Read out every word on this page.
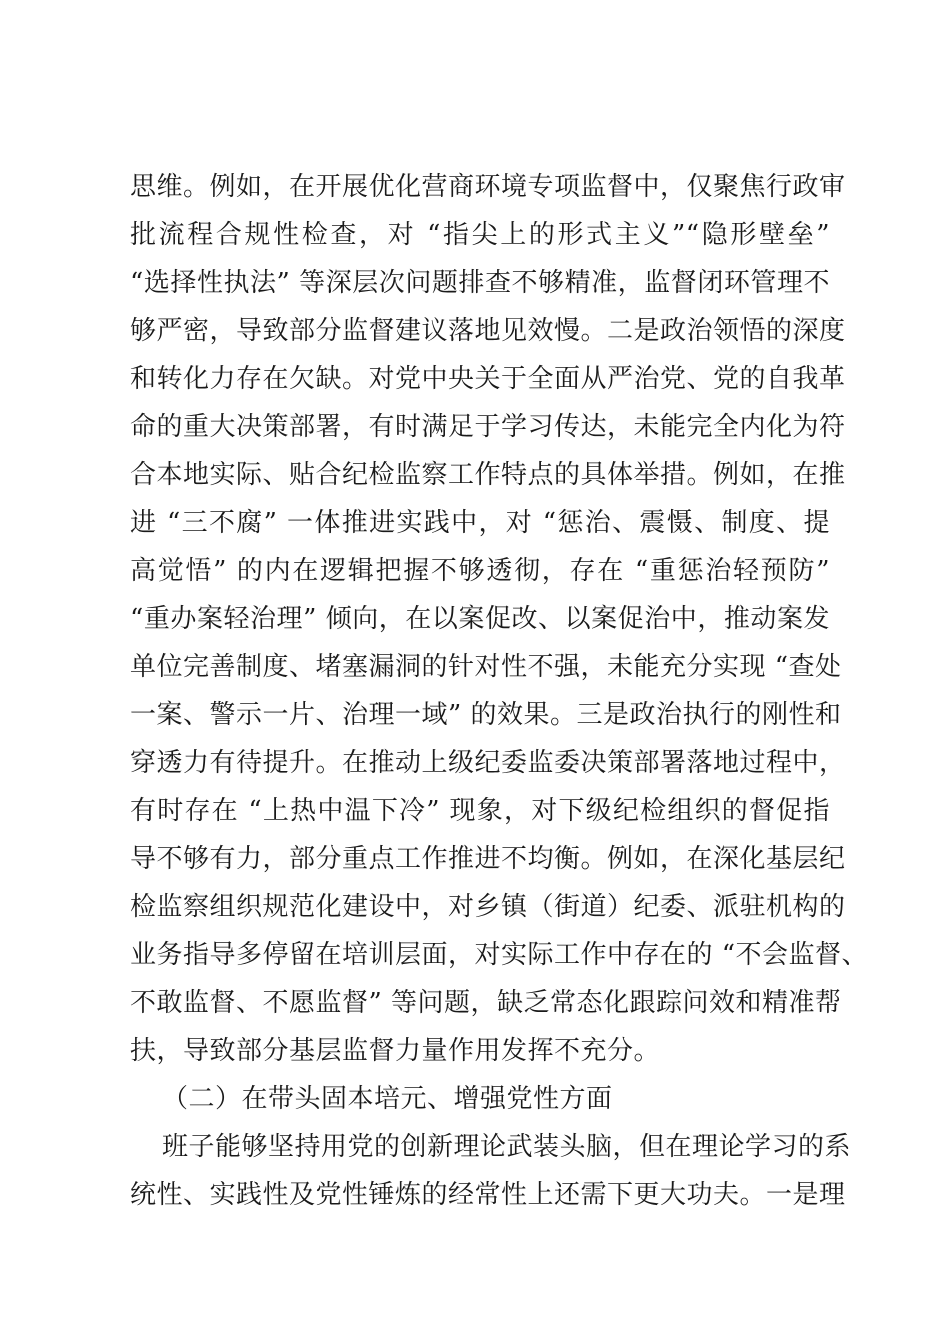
思维。例如，在开展优化营商环境专项监督中，仅聚焦行政审
批流程合规性检查，对 “指尖上的形式主义”“隐形壁垒”
“选择性执法” 等深层次问题排查不够精准，监督闭环管理不
够严密，导致部分监督建议落地见效慢。二是政治领悟的深度
和转化力存在欠缺。对党中央关于全面从严治党、党的自我革
命的重大决策部署，有时满足于学习传达，未能完全内化为符
合本地实际、贴合纪检监察工作特点的具体举措。例如，在推
进 “三不腐” 一体推进实践中，对 “惩治、震慑、制度、提
高觉悟” 的内在逻辑把握不够透彻，存在 “重惩治轻预防”
“重办案轻治理” 倾向，在以案促改、以案促治中，推动案发
单位完善制度、堵塞漏洞的针对性不强，未能充分实现 “查处
一案、警示一片、治理一域” 的效果。三是政治执行的刚性和
穿透力有待提升。在推动上级纪委监委决策部署落地过程中，
有时存在 “上热中温下冷” 现象，对下级纪检组织的督促指
导不够有力，部分重点工作推进不均衡。例如，在深化基层纪
检监察组织规范化建设中，对乡镇（街道）纪委、派驻机构的
业务指导多停留在培训层面，对实际工作中存在的 “不会监督、
不敢监督、不愿监督” 等问题，缺乏常态化跟踪问效和精准帮
扶，导致部分基层监督力量作用发挥不充分。
（二）在带头固本培元、增强党性方面
班子能够坚持用党的创新理论武装头脑，但在理论学习的系
统性、实践性及党性锤炼的经常性上还需下更大功夫。一是理
